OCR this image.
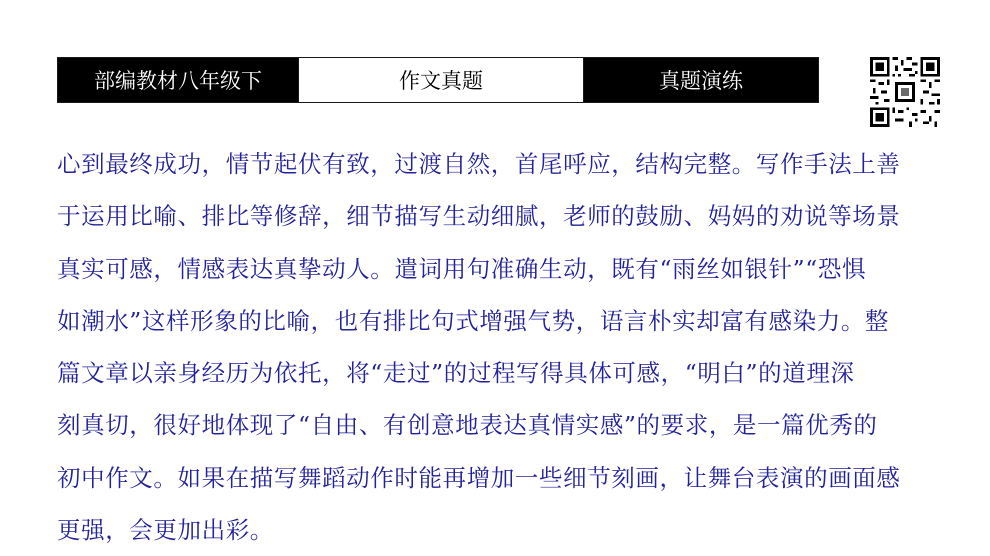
部编教材八年级下	作文真题	真题演练
心到最终成功，情节起伏有致，过渡自然，首尾呼应，结构完整。写作手法上善
于运用比喻、排比等修辞，细节描写生动细腻，老师的鼓励、妈妈的劝说等场景
真实可感，情感表达真挚动人。遣词用句准确生动，既有“雨丝如银针”“恐惧
如潮水”这样形象的比喻，也有排比句式增强气势，语言朴实却富有感染力。整
篇文章以亲身经历为依托，将“走过”的过程写得具体可感，“明白”的道理深
刻真切，很好地体现了“自由、有创意地表达真情实感”的要求，是一篇优秀的
初中作文。如果在描写舞蹈动作时能再增加一些细节刻画，让舞台表演的画面感
更强，会更加出彩。
